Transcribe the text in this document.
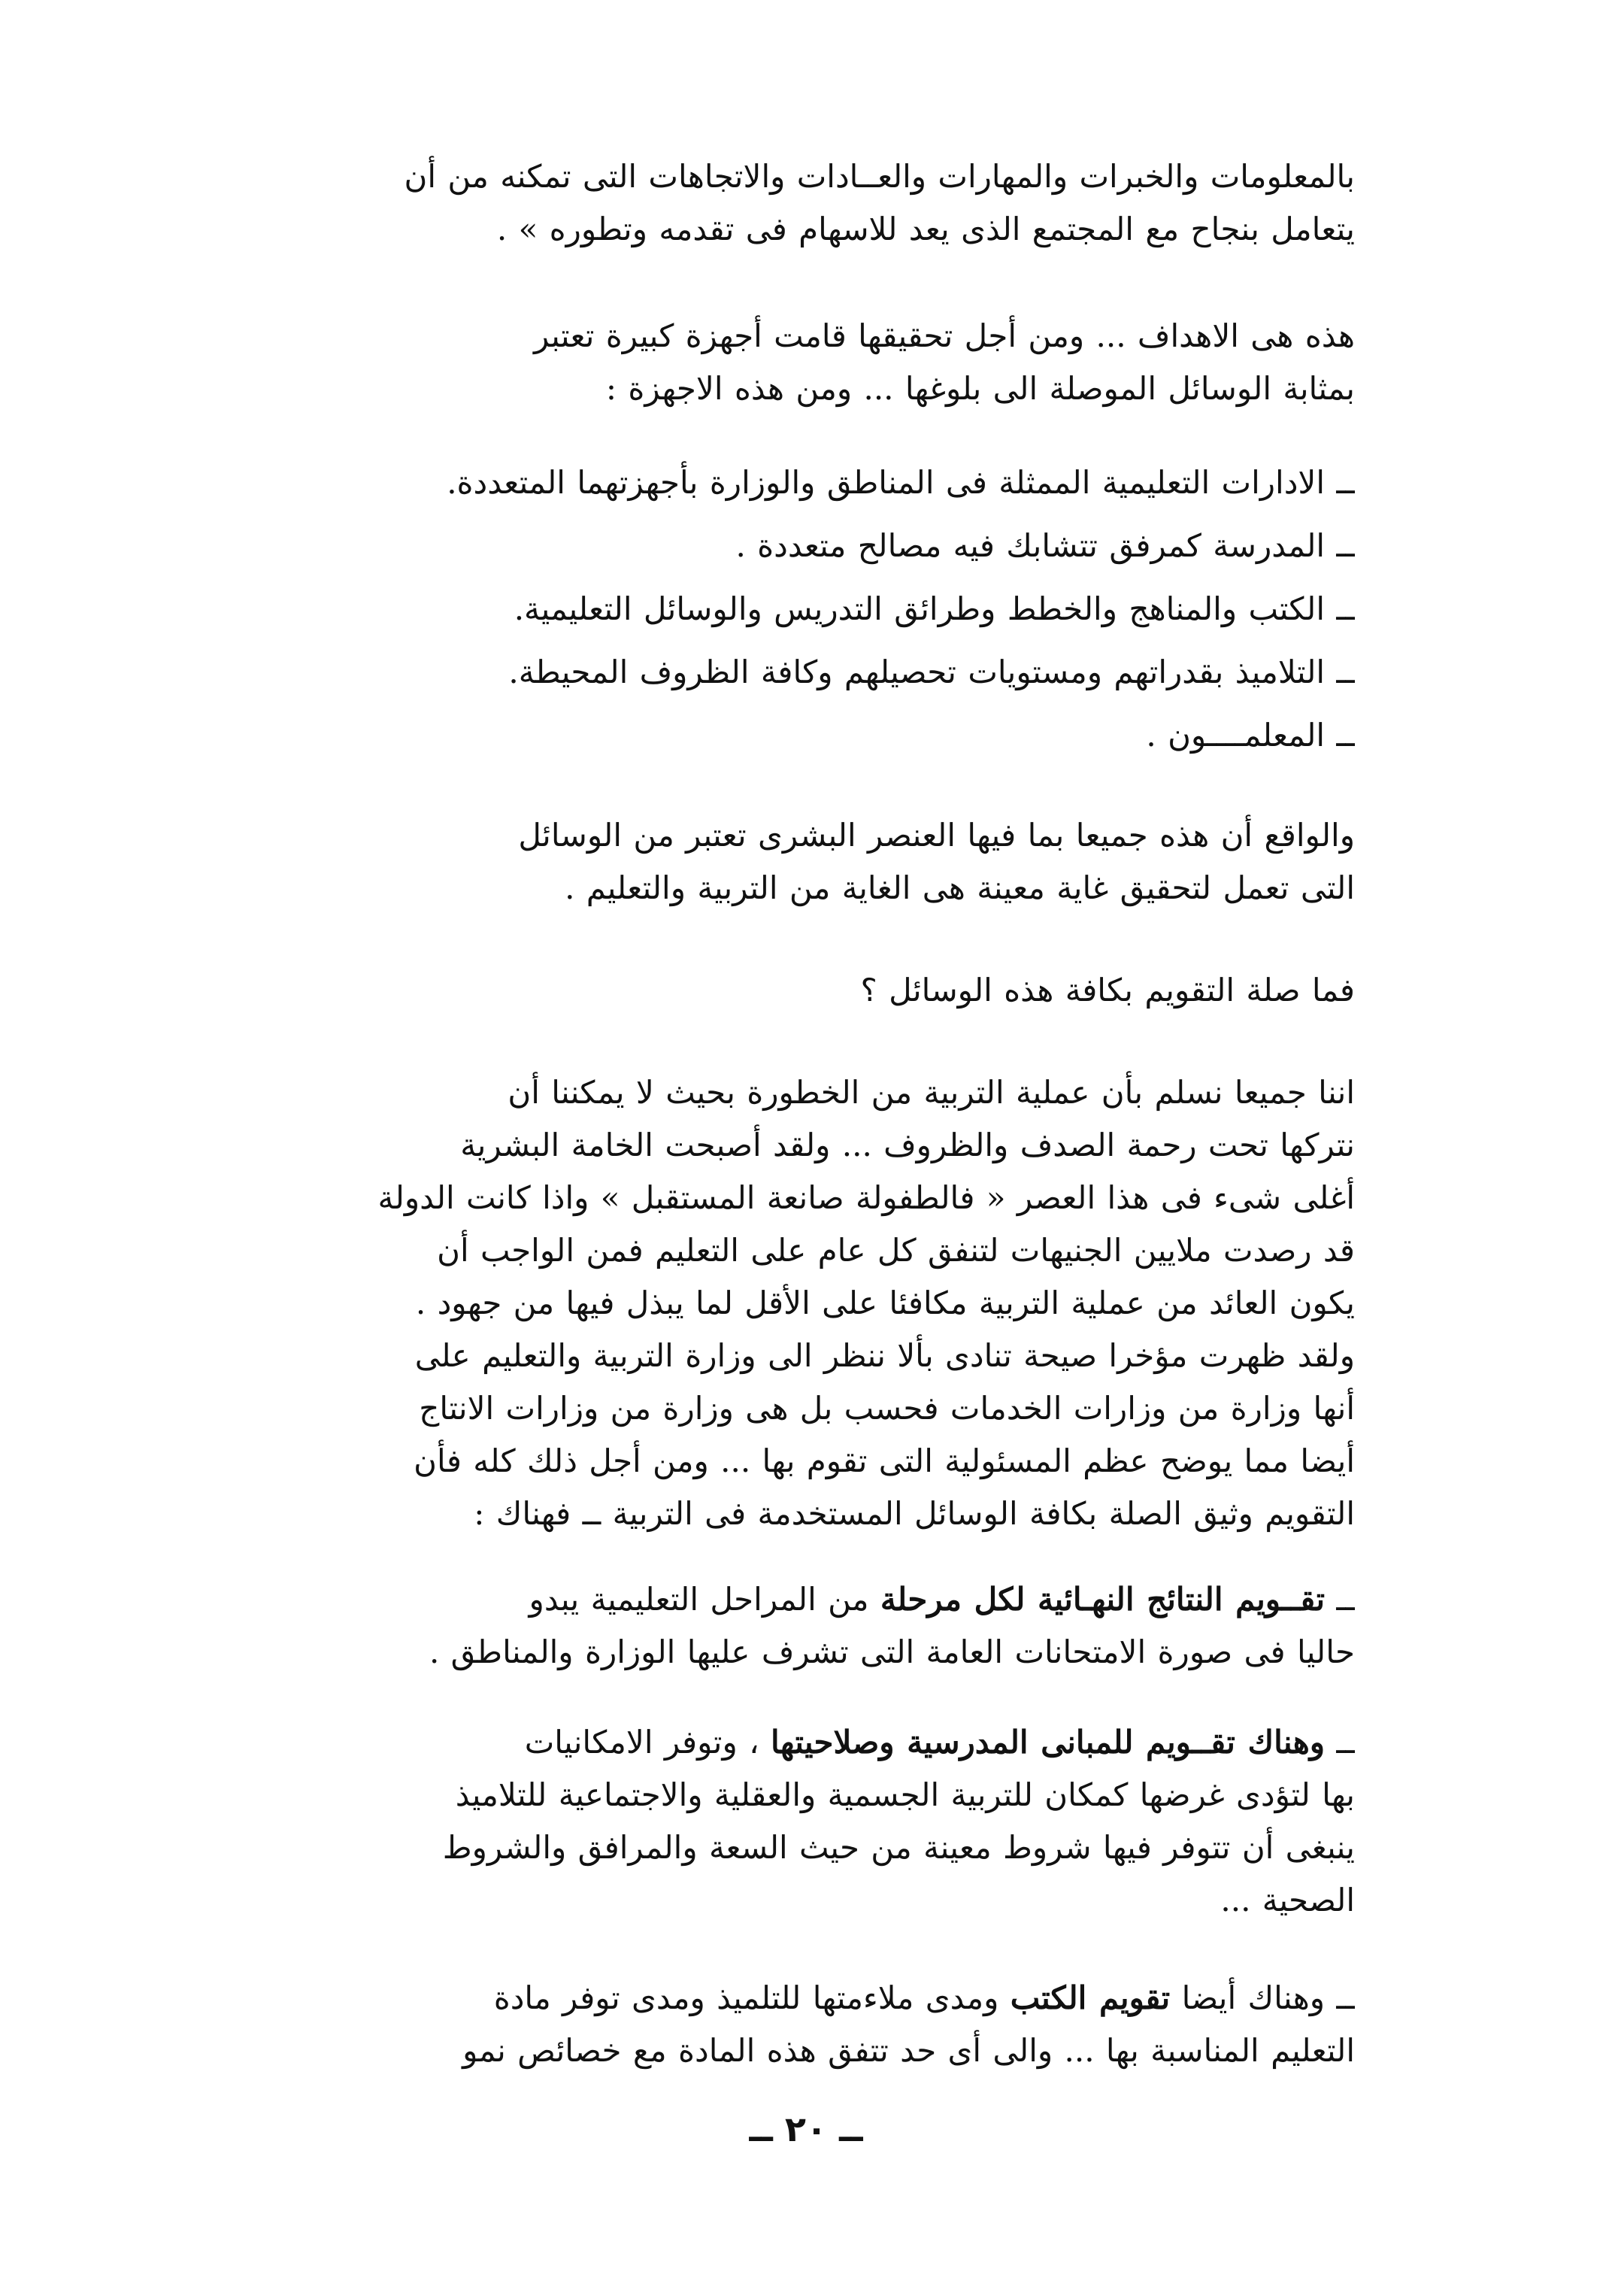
بالمعلومات والخبرات والمهارات والعــادات والاتجاهات التى تمكنه من أن
يتعامل بنجاح مع المجتمع الذى يعد للاسهام فى تقدمه وتطوره » .
هذه هى الاهداف ... ومن أجل تحقيقها قامت أجهزة كبيرة تعتبر
بمثابة الوسائل الموصلة الى بلوغها ... ومن هذه الاجهزة :
ــ الادارات التعليمية الممثلة فى المناطق والوزارة بأجهزتهما المتعددة.
ــ المدرسة كمرفق تتشابك فيه مصالح متعددة .
ــ الكتب والمناهج والخطط وطرائق التدريس والوسائل التعليمية.
ــ التلاميذ بقدراتهم ومستويات تحصيلهم وكافة الظروف المحيطة.
ــ المعلمــــون .
والواقع أن هذه جميعا بما فيها العنصر البشرى تعتبر من الوسائل
التى تعمل لتحقيق غاية معينة هى الغاية من التربية والتعليم .
فما صلة التقويم بكافة هذه الوسائل ؟
اننا جميعا نسلم بأن عملية التربية من الخطورة بحيث لا يمكننا أن
نتركها تحت رحمة الصدف والظروف ... ولقد أصبحت الخامة البشرية
أغلى شىء فى هذا العصر « فالطفولة صانعة المستقبل » واذا كانت الدولة
قد رصدت ملايين الجنيهات لتنفق كل عام على التعليم فمن الواجب أن
يكون العائد من عملية التربية مكافئا على الأقل لما يبذل فيها من جهود .
ولقد ظهرت مؤخرا صيحة تنادى بألا ننظر الى وزارة التربية والتعليم على
أنها وزارة من وزارات الخدمات فحسب بل هى وزارة من وزارات الانتاج
أيضا مما يوضح عظم المسئولية التى تقوم بها ... ومن أجل ذلك كله فأن
التقويم وثيق الصلة بكافة الوسائل المستخدمة فى التربية ــ فهناك :
ــ تقــويم النتائج النهـائية لكل مرحلة من المراحل التعليمية يبدو
حاليا فى صورة الامتحانات العامة التى تشرف عليها الوزارة والمناطق .
ــ وهناك تقــويم للمبانى المدرسية وصلاحيتها ، وتوفر الامكانيات
بها لتؤدى غرضها كمكان للتربية الجسمية والعقلية والاجتماعية للتلاميذ
ينبغى أن تتوفر فيها شروط معينة من حيث السعة والمرافق والشروط
الصحية ...
ــ وهناك أيضا تقويم الكتب ومدى ملاءمتها للتلميذ ومدى توفر مادة
التعليم المناسبة بها ... والى أى حد تتفق هذه المادة مع خصائص نمو
ــ ٢٠ ــ
